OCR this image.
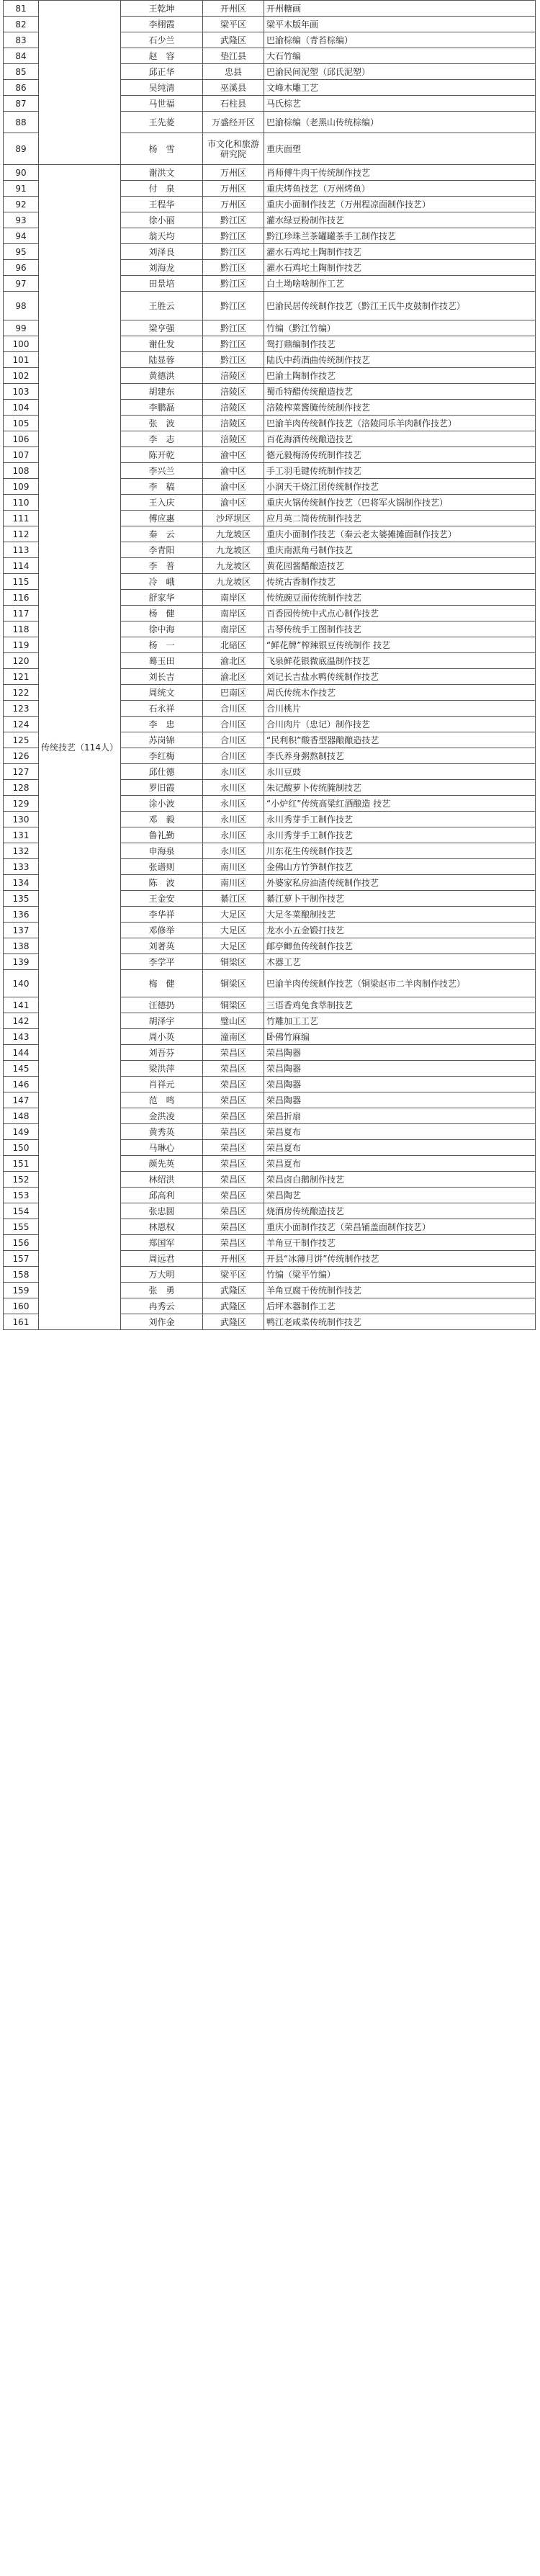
81		王乾坤	开州区	开州糖画
82		李栩霞	梁平区	梁平木版年画
83		石少兰	武隆区	巴渝棕编（青苔棕编）
84		赵　容	垫江县	大石竹编
85		邱正华	忠县	巴渝民间泥塑（邱氏泥塑）
86		吴纯清	巫溪县	文峰木雕工艺
87		马世福	石柱县	马氏棕艺
88		王先菱	万盛经开区	巴渝棕编（老黑山传统棕编）
89		杨　雪	市文化和旅游研究院	重庆面塑
90	传统技艺（114人）	谢洪文	万州区	肖师傅牛肉干传统制作技艺
91		付　泉	万州区	重庆烤鱼技艺（万州烤鱼）
92		王程华	万州区	重庆小面制作技艺（万州程凉面制作技艺）
93		徐小丽	黔江区	灌水绿豆粉制作技艺
94		翁天均	黔江区	黔江珍珠兰茶罐罐茶手工制作技艺
95		刘泽良	黔江区	濯水石鸡坨土陶制作技艺
96		刘海龙	黔江区	濯水石鸡坨土陶制作技艺
97		田景培	黔江区	白土坳啥啥制作工艺
98		王胜云	黔江区	巴渝民居传统制作技艺（黔江王氏牛皮鼓制作技艺）
99		梁亨强	黔江区	竹编（黔江竹编）
100		谢仕发	黔江区	鸳打鼎编制作技艺
101		陆显蓉	黔江区	陆氏中药酒曲传统制作技艺
102		黄德洪	涪陵区	巴渝土陶制作技艺
103		胡建东	涪陵区	蜀币特醋传统酿造技艺
104		李鹏磊	涪陵区	涪陵榨菜酱腌传统制作技艺
105		张　波	涪陵区	巴渝羊肉传统制作技艺（涪陵同乐羊肉制作技艺）
106		李　志	涪陵区	百花海酒传统酿造技艺
107		陈开乾	渝中区	德元毅梅汤传统制作技艺
108		李兴兰	渝中区	手工羽毛键传统制作技艺
109		李　稿	渝中区	小润天干烧江团传统制作技艺
110		王入庆	渝中区	重庆火锅传统制作技艺（巴将军火锅制作技艺）
111		傅应惠	沙坪坝区	应月英二筒传统制作技艺
112		秦　云	九龙坡区	重庆小面制作技艺（秦云老太婆摊摊面制作技艺）
113		李青阳	九龙坡区	重庆南派角弓制作技艺
114		李　普	九龙坡区	黄花园酱醋酿造技艺
115		冷　峨	九龙坡区	传统古香制作技艺
116		舒家华	南岸区	传统豌豆面传统制作技艺
117		杨　健	南岸区	百香园传统中式点心制作技艺
118		徐中海	南岸区	古琴传统手工图制作技艺
119		杨　一	北碚区	“鲜花牌”榨辣银豆传统制作 技艺
120		蓦玉田	渝北区	飞泉鲜花银微底温制作技艺
121		刘长吉	渝北区	刘记长吉盐水鸭传统制作技艺
122		周统文	巴南区	周氏传统木作技艺
123		石永祥	合川区	合川桃片
124		李　忠	合川区	合川肉片（忠记）制作技艺
125		苏岗锦	合川区	“民利积”酸香型器酿酿造技艺
126		李红梅	合川区	李氏养身粥熬制技艺
127		邱仕德	永川区	永川豆豉
128		罗旧霞	永川区	朱记酸萝卜传统腌制技艺
129		涂小波	永川区	“小炉红”传统高粱红酒酿造 技艺
130		邓　毅	永川区	永川秀芽手工制作技艺
131		鲁礼勤	永川区	永川秀芽手工制作技艺
132		申海泉	永川区	川东花生传统制作技艺
133		张谱则	南川区	金佛山方竹笋制作技艺
134		陈　波	南川区	外婆家私房油渣传统制作技艺
135		王金安	綦江区	綦江萝卜干制作技艺
136		李华祥	大足区	大足冬菜酿制技艺
137		邓修举	大足区	龙水小五金锻打技艺
138		刘著英	大足区	邮亭鲫鱼传统制作技艺
139		李学平	铜梁区	木器工艺
140		梅　健	铜梁区	巴渝羊肉传统制作技艺（铜梁赵市二羊肉制作技艺）
141		汪德扔	铜梁区	三语香鸡兔食萃制技艺
142		胡泽宇	璧山区	竹雕加工工艺
143		周小英	潼南区	卧佛竹麻编
144		刘吾芬	荣昌区	荣昌陶器
145		梁洪萍	荣昌区	荣昌陶器
146		肖祥元	荣昌区	荣昌陶器
147		范　鸣	荣昌区	荣昌陶器
148		金洪凌	荣昌区	荣昌折扇
149		黄秀英	荣昌区	荣昌夏布
150		马琳心	荣昌区	荣昌夏布
151		颜先英	荣昌区	荣昌夏布
152		林绍洪	荣昌区	荣昌卤白鹅制作技艺
153		邱高利	荣昌区	荣昌陶艺
154		张忠圆	荣昌区	烧酒房传统酿造技艺
155		林恩权	荣昌区	重庆小面制作技艺（荣昌铺盖面制作技艺）
156		郑国军	荣昌区	羊角豆干制作技艺
157		周远君	开州区	开县“冰薄月饼”传统制作技艺
158		万大明	梁平区	竹编（梁平竹编）
159		张　勇	武隆区	羊角豆腐干传统制作技艺
160		冉秀云	武隆区	后坪木器制作工艺
161		刘作金	武隆区	鸭江老咸菜传统制作技艺
